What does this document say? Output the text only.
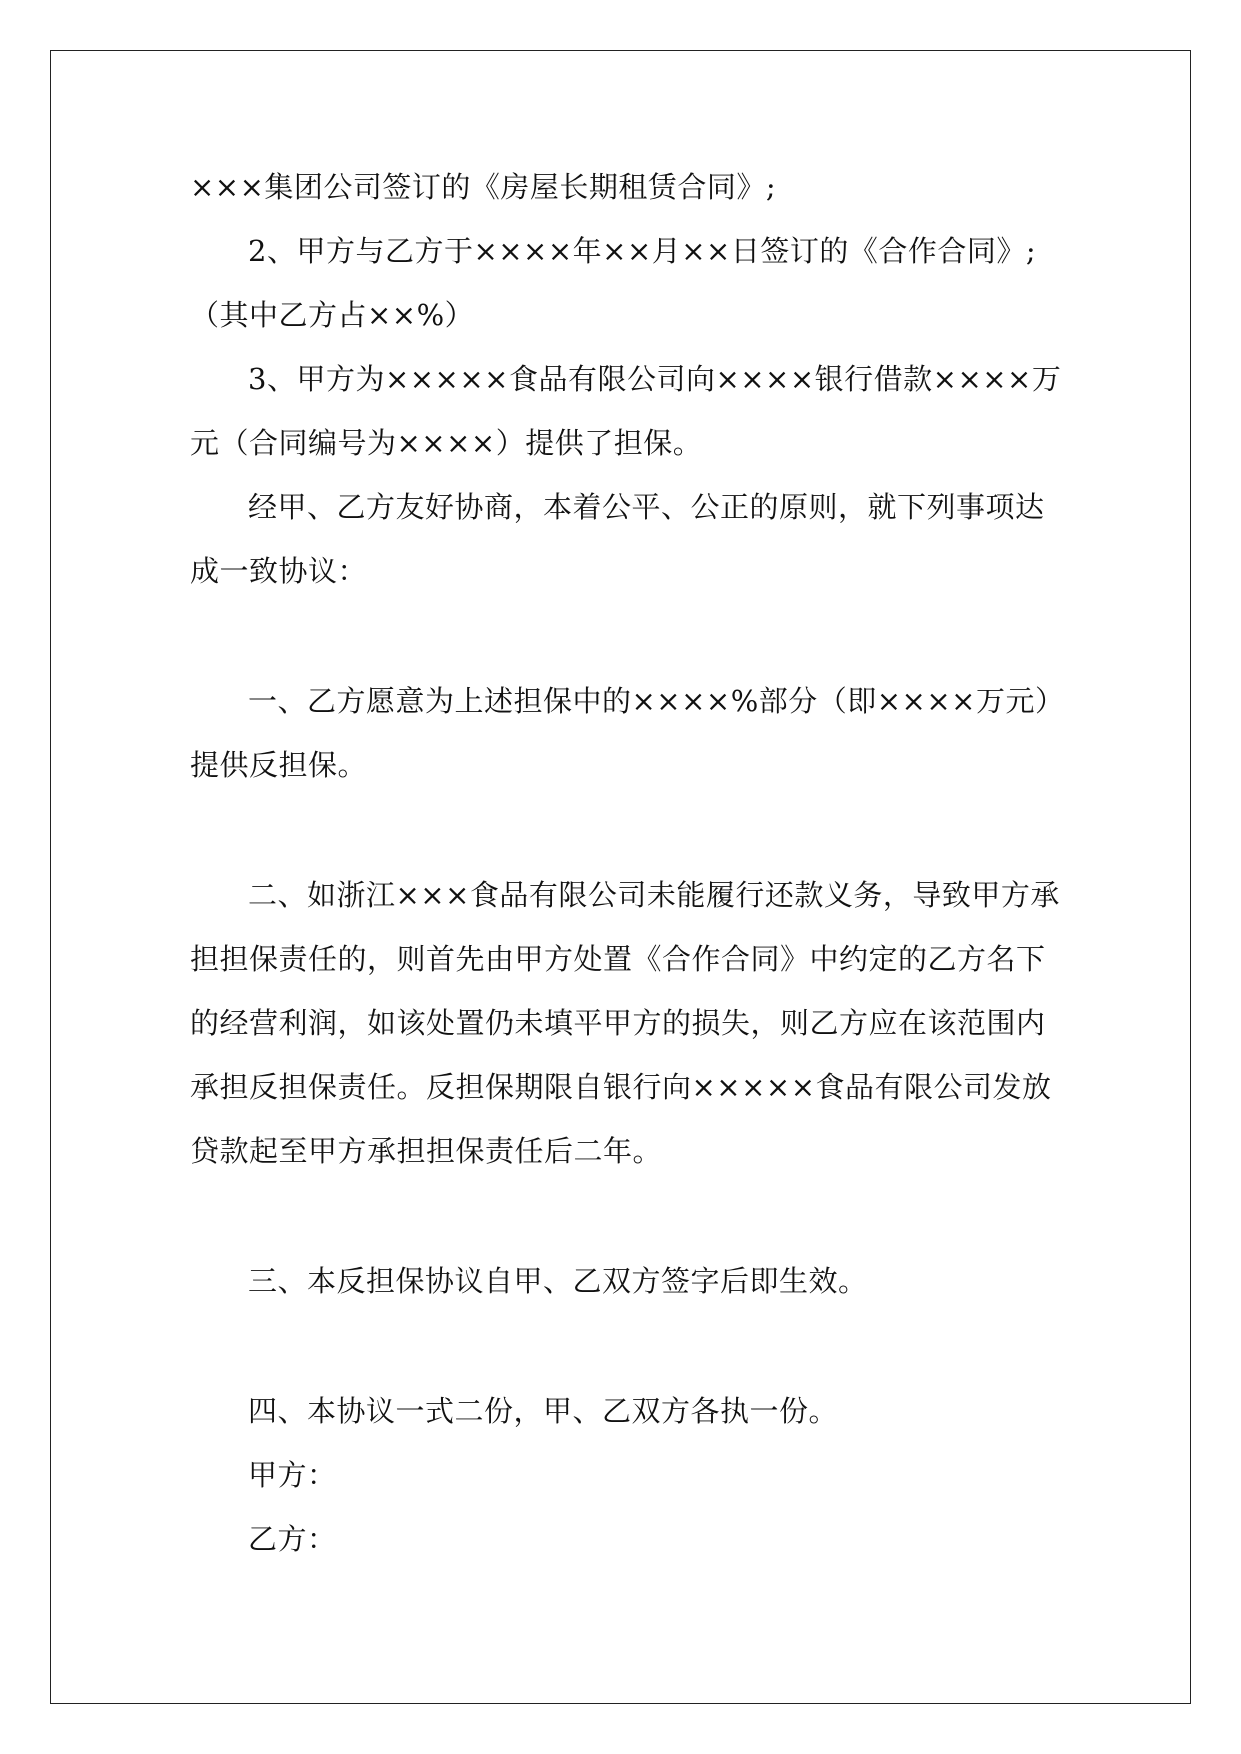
×××集团公司签订的《房屋长期租赁合同》;

2、甲方与乙方于××××年××月××日签订的《合作合同》;（其中乙方占××%）

3、甲方为×××××食品有限公司向××××银行借款××××万元（合同编号为××××）提供了担保。

经甲、乙方友好协商，本着公平、公正的原则，就下列事项达成一致协议：

一、乙方愿意为上述担保中的××××%部分（即××××万元）提供反担保。

二、如浙江×××食品有限公司未能履行还款义务，导致甲方承担担保责任的，则首先由甲方处置《合作合同》中约定的乙方名下的经营利润，如该处置仍未填平甲方的损失，则乙方应在该范围内承担反担保责任。反担保期限自银行向×××××食品有限公司发放贷款起至甲方承担担保责任后二年。

三、本反担保协议自甲、乙双方签字后即生效。

四、本协议一式二份，甲、乙双方各执一份。

甲方：

乙方：
